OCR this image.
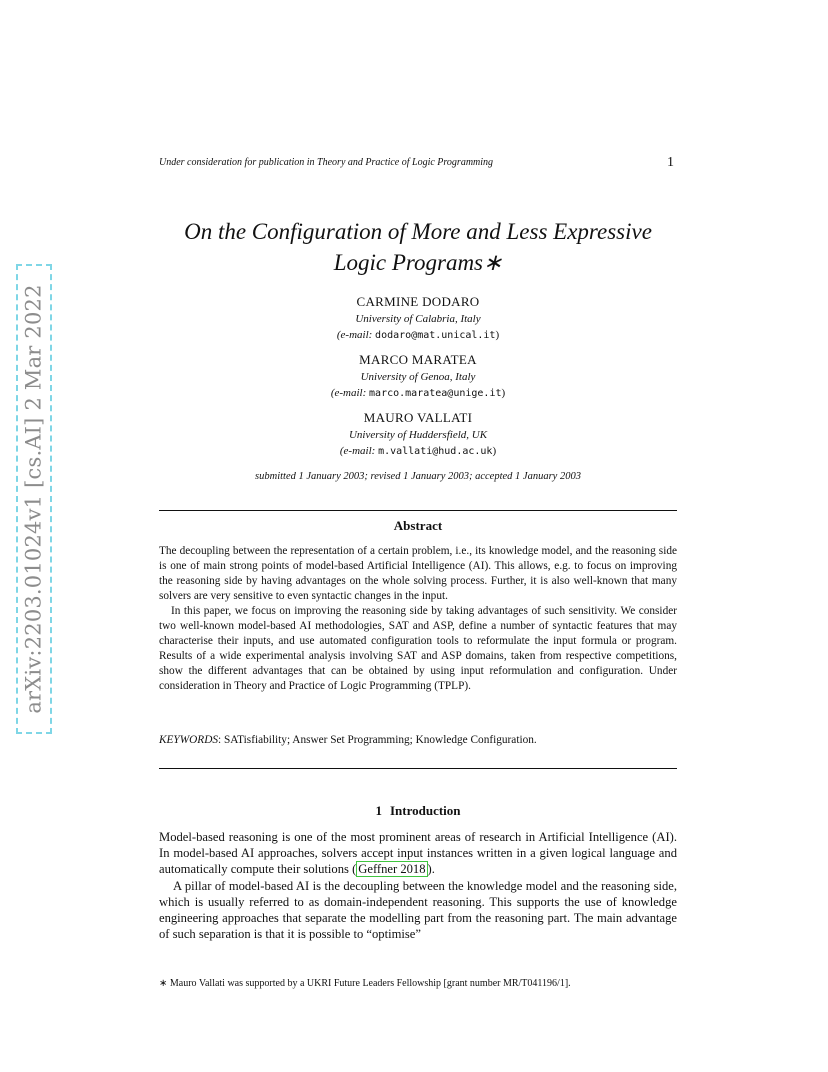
arXiv:2203.01024v1 [cs.AI] 2 Mar 2022
Under consideration for publication in Theory and Practice of Logic Programming	1
On the Configuration of More and Less Expressive
Logic Programs∗
CARMINE DODARO
University of Calabria, Italy
(e-mail: dodaro@mat.unical.it)
MARCO MARATEA
University of Genoa, Italy
(e-mail: marco.maratea@unige.it)
MAURO VALLATI
University of Huddersfield, UK
(e-mail: m.vallati@hud.ac.uk)
submitted 1 January 2003; revised 1 January 2003; accepted 1 January 2003
Abstract

The decoupling between the representation of a certain problem, i.e., its knowledge model, and the reasoning side is one of main strong points of model-based Artificial Intelligence (AI). This allows, e.g. to focus on improving the reasoning side by having advantages on the whole solving process. Further, it is also well-known that many solvers are very sensitive to even syntactic changes in the input.

In this paper, we focus on improving the reasoning side by taking advantages of such sensitivity. We consider two well-known model-based AI methodologies, SAT and ASP, define a number of syntactic features that may characterise their inputs, and use automated configuration tools to reformulate the input formula or program. Results of a wide experimental analysis involving SAT and ASP domains, taken from respective competitions, show the different advantages that can be obtained by using input reformulation and configuration. Under consideration in Theory and Practice of Logic Programming (TPLP).

KEYWORDS: SATisfiability; Answer Set Programming; Knowledge Configuration.
1 Introduction

Model-based reasoning is one of the most prominent areas of research in Artificial Intelligence (AI). In model-based AI approaches, solvers accept input instances written in a given logical language and automatically compute their solutions ( Geffner 2018 ).

A pillar of model-based AI is the decoupling between the knowledge model and the reasoning side, which is usually referred to as domain-independent reasoning. This supports the use of knowledge engineering approaches that separate the modelling part from the reasoning part. The main advantage of such separation is that it is possible to “optimise”

∗ Mauro Vallati was supported by a UKRI Future Leaders Fellowship [grant number MR/T041196/1].
